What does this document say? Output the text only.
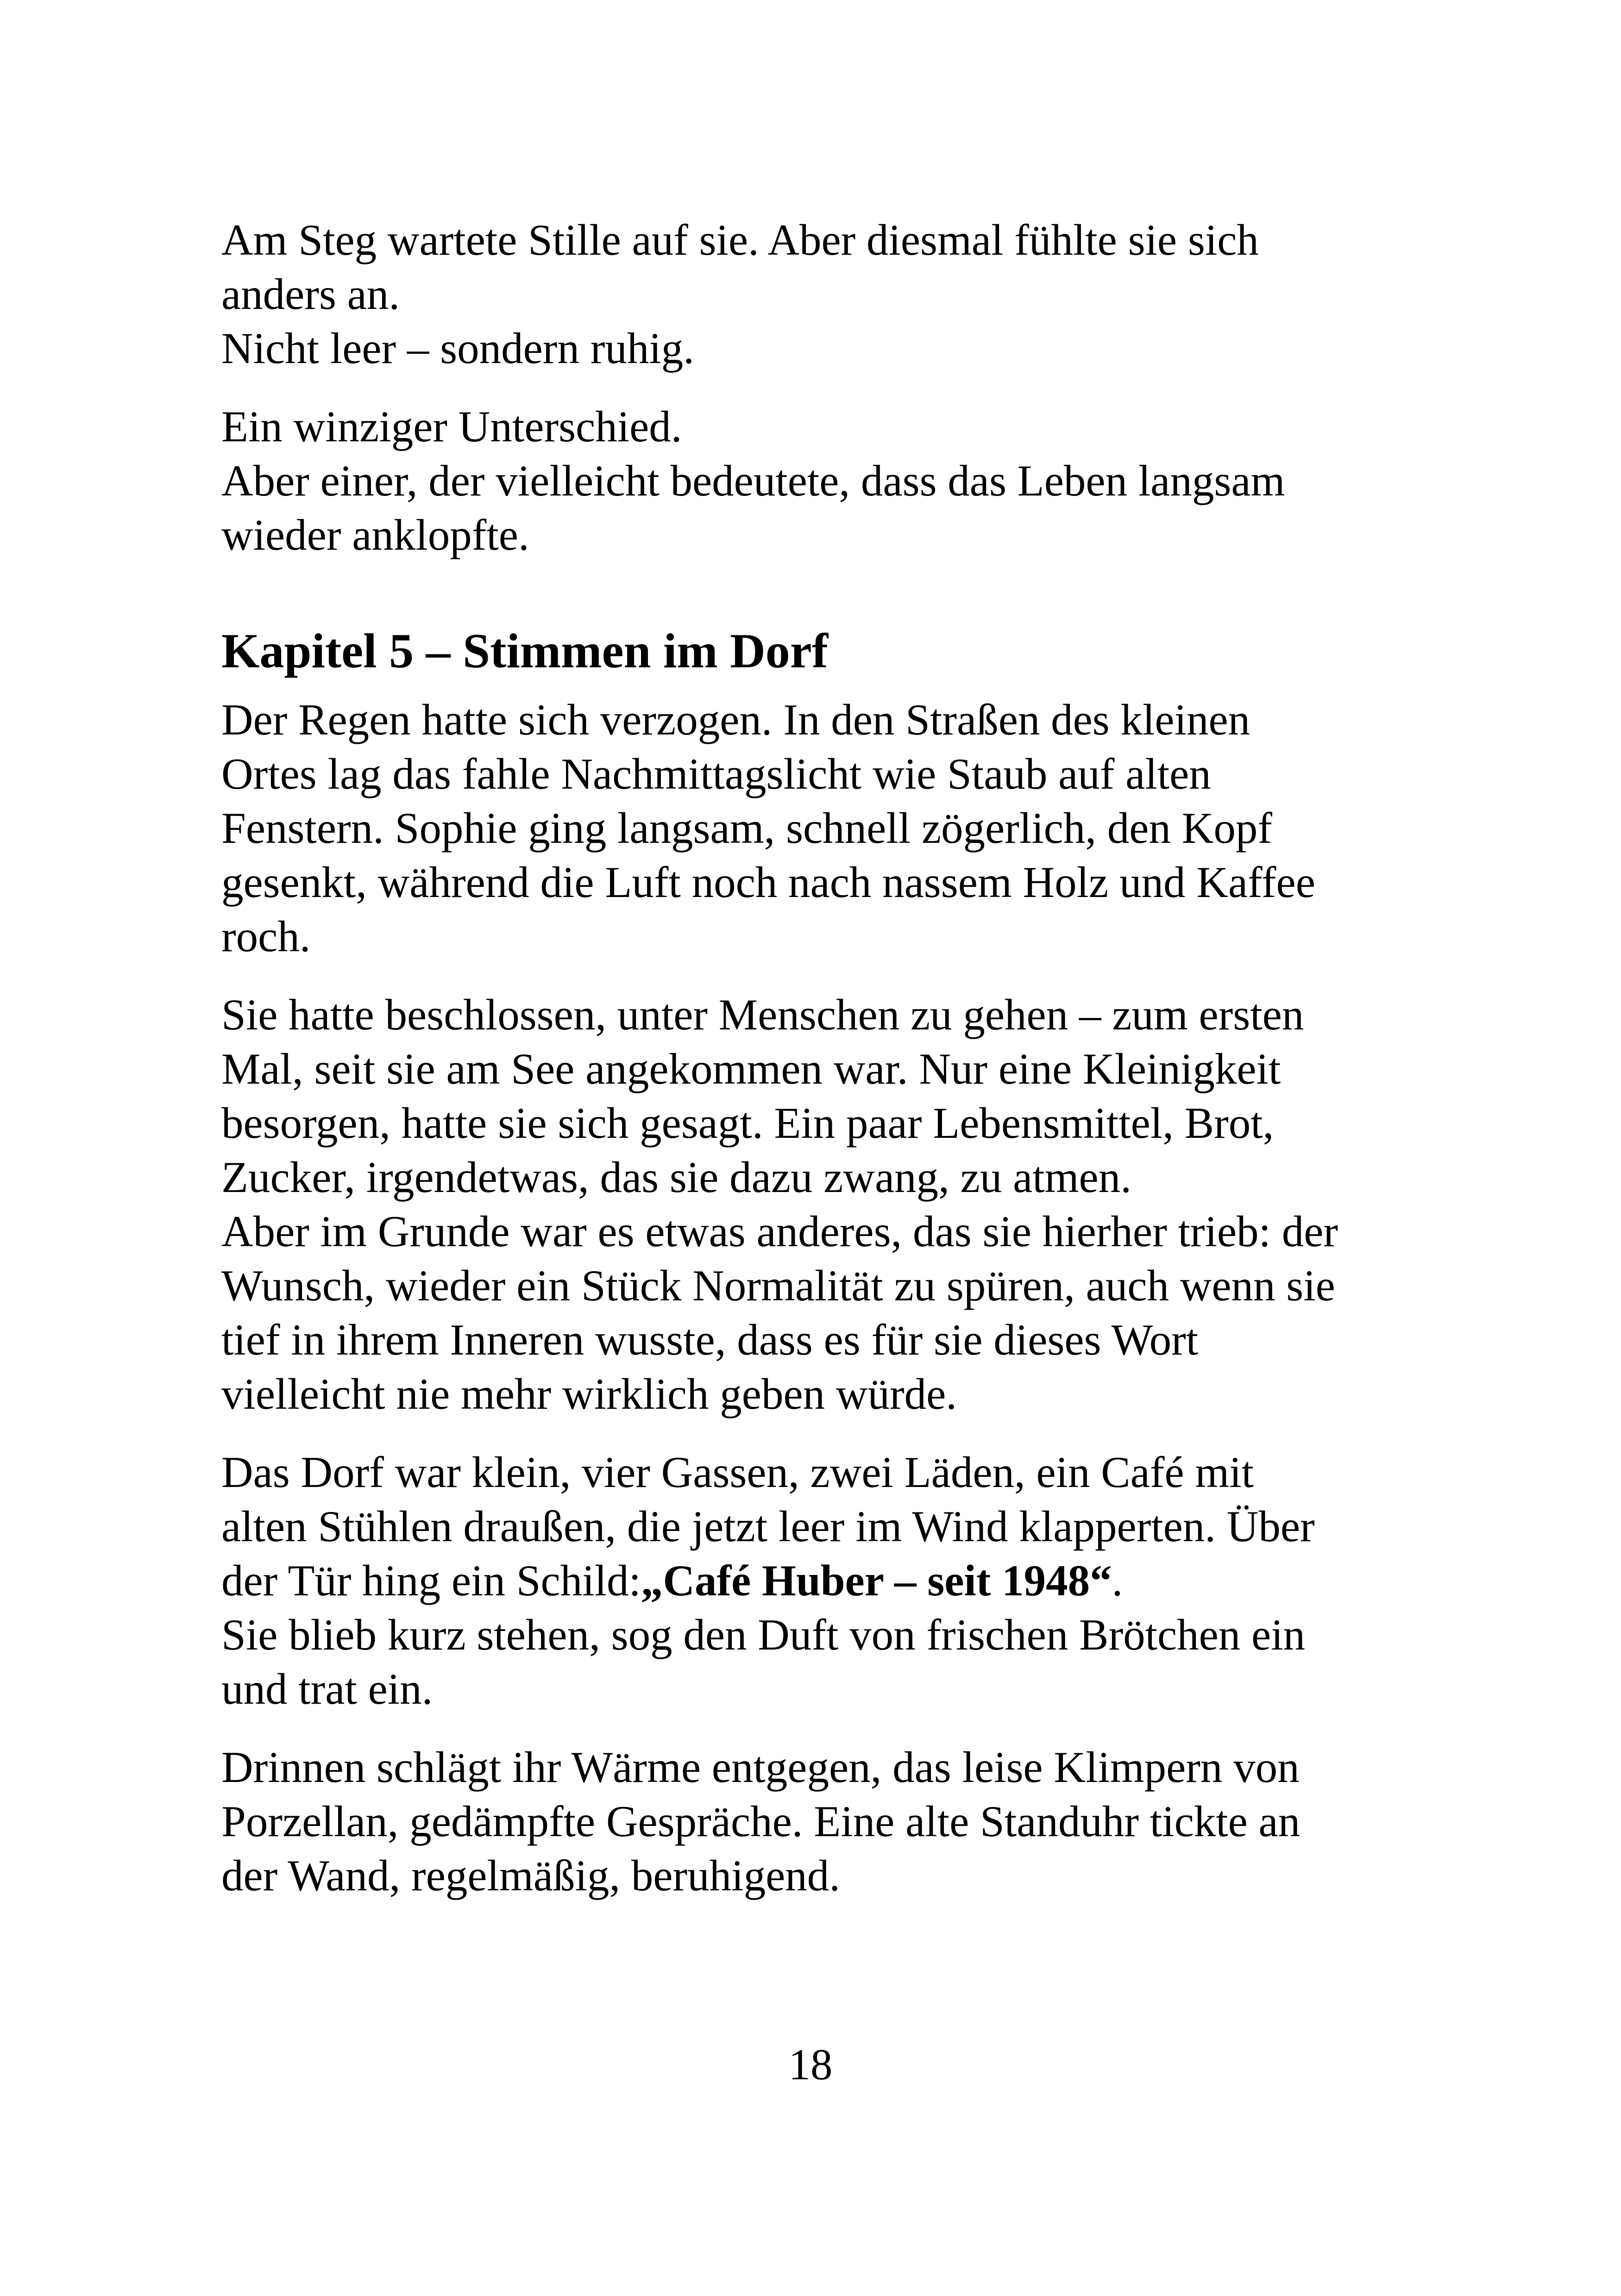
Am Steg wartete Stille auf sie. Aber diesmal fühlte sie sich
anders an.
Nicht leer – sondern ruhig.

Ein winziger Unterschied.
Aber einer, der vielleicht bedeutete, dass das Leben langsam
wieder anklopfte.

Kapitel 5 – Stimmen im Dorf

Der Regen hatte sich verzogen. In den Straßen des kleinen
Ortes lag das fahle Nachmittagslicht wie Staub auf alten
Fenstern. Sophie ging langsam, schnell zögerlich, den Kopf
gesenkt, während die Luft noch nach nassem Holz und Kaffee
roch.

Sie hatte beschlossen, unter Menschen zu gehen – zum ersten
Mal, seit sie am See angekommen war. Nur eine Kleinigkeit
besorgen, hatte sie sich gesagt. Ein paar Lebensmittel, Brot,
Zucker, irgendetwas, das sie dazu zwang, zu atmen.
Aber im Grunde war es etwas anderes, das sie hierher trieb: der
Wunsch, wieder ein Stück Normalität zu spüren, auch wenn sie
tief in ihrem Inneren wusste, dass es für sie dieses Wort
vielleicht nie mehr wirklich geben würde.

Das Dorf war klein, vier Gassen, zwei Läden, ein Café mit
alten Stühlen draußen, die jetzt leer im Wind klapperten. Über
der Tür hing ein Schild:„Café Huber – seit 1948“.
Sie blieb kurz stehen, sog den Duft von frischen Brötchen ein
und trat ein.

Drinnen schlägt ihr Wärme entgegen, das leise Klimpern von
Porzellan, gedämpfte Gespräche. Eine alte Standuhr tickte an
der Wand, regelmäßig, beruhigend.

18
